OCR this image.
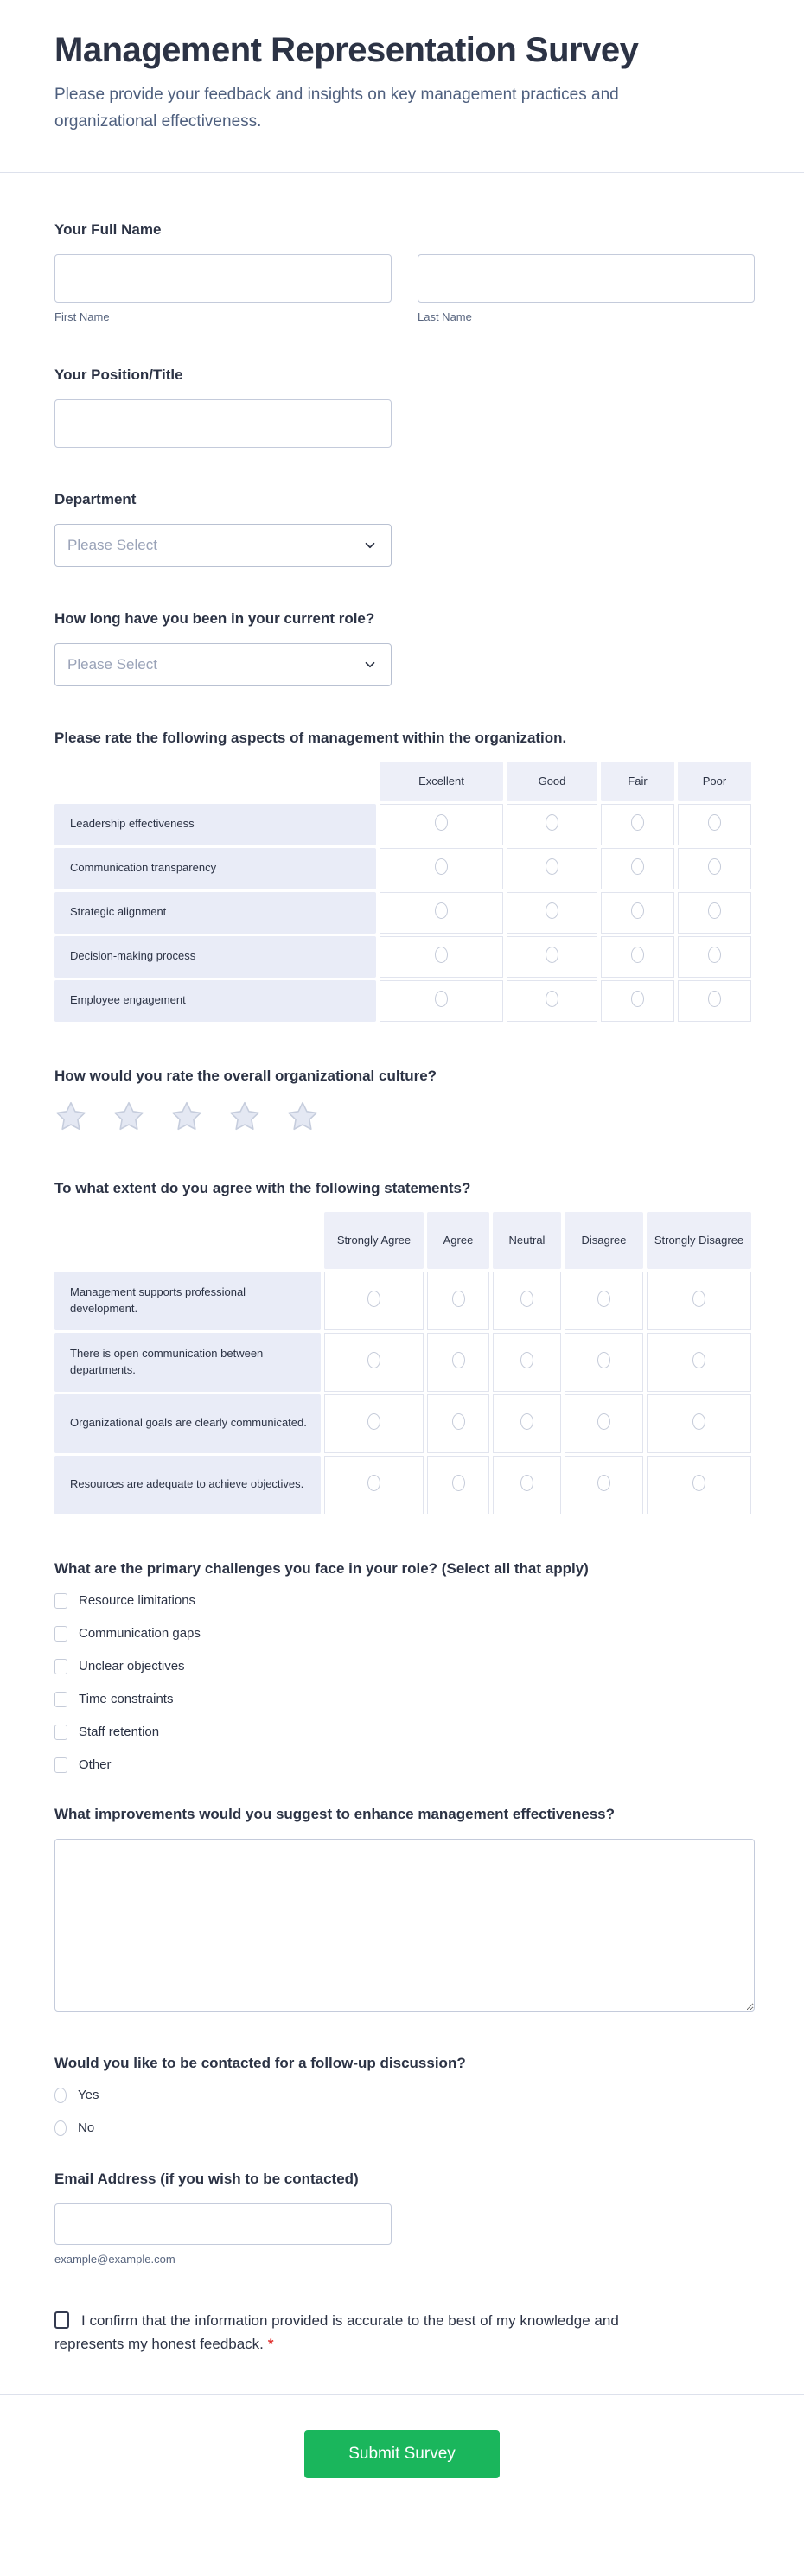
Management Representation Survey

Please provide your feedback and insights on key management practices and organizational effectiveness.

Your Full Name
First Name	Last Name
Your Position/Title
Department
Please Select
How long have you been in your current role?
Please Select
Please rate the following aspects of management within the organization.
	Excellent	Good	Fair	Poor
Leadership effectiveness				
Communication transparency				
Strategic alignment				
Decision-making process				
Employee engagement				
How would you rate the overall organizational culture?
To what extent do you agree with the following statements?
	Strongly Agree	Agree	Neutral	Disagree	Strongly Disagree
Management supports professional development.					
There is open communication between departments.					
Organizational goals are clearly communicated.					
Resources are adequate to achieve objectives.					
What are the primary challenges you face in your role? (Select all that apply)
Resource limitations
Communication gaps
Unclear objectives
Time constraints
Staff retention
Other
What improvements would you suggest to enhance management effectiveness?
Would you like to be contacted for a follow-up discussion?
Yes
No
Email Address (if you wish to be contacted)
example@example.com
I confirm that the information provided is accurate to the best of my knowledge and represents my honest feedback. *
Submit Survey
